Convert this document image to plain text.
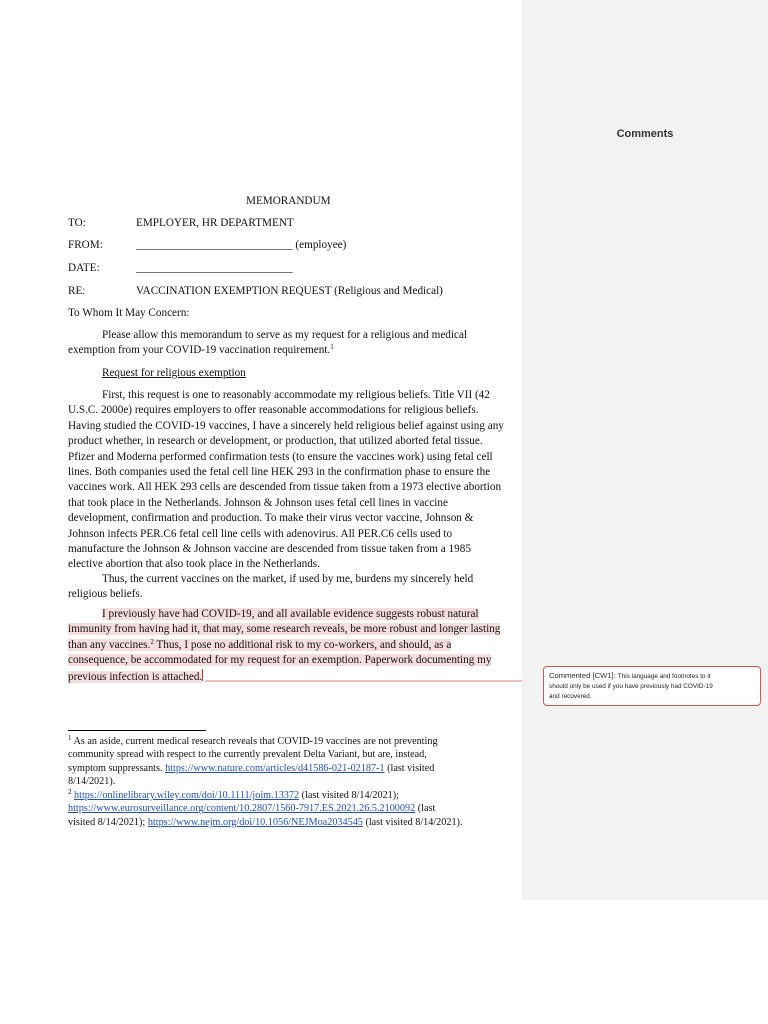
MEMORANDUM
TO:	EMPLOYER, HR DEPARTMENT
FROM:	____________________________ (employee)
DATE:	____________________________
RE:	VACCINATION EXEMPTION REQUEST (Religious and Medical)
To Whom It May Concern:
Please allow this memorandum to serve as my request for a religious and medical
exemption from your COVID-19 vaccination requirement.$^1$
Request for religious exemption
First, this request is one to reasonably accommodate my religious beliefs. Title VII (42
U.S.C. 2000e) requires employers to offer reasonable accommodations for religious beliefs.
Having studied the COVID-19 vaccines, I have a sincerely held religious belief against using any
product whether, in research or development, or production, that utilized aborted fetal tissue.
Pfizer and Moderna performed confirmation tests (to ensure the vaccines work) using fetal cell
lines. Both companies used the fetal cell line HEK 293 in the confirmation phase to ensure the
vaccines work. All HEK 293 cells are descended from tissue taken from a 1973 elective abortion
that took place in the Netherlands. Johnson & Johnson uses fetal cell lines in vaccine
development, confirmation and production. To make their virus vector vaccine, Johnson &
Johnson infects PER.C6 fetal cell line cells with adenovirus. All PER.C6 cells used to
manufacture the Johnson & Johnson vaccine are descended from tissue taken from a 1985
elective abortion that also took place in the Netherlands.
Thus, the current vaccines on the market, if used by me, burdens my sincerely held
religious beliefs.
I previously have had COVID-19, and all available evidence suggests robust natural
immunity from having had it, that may, some research reveals, be more robust and longer lasting
than any vaccines.$^2$ Thus, I pose no additional risk to my co-workers, and should, as a
consequence, be accommodated for my request for an exemption. Paperwork documenting my
previous infection is attached.
$^1$ As an aside, current medical research reveals that COVID-19 vaccines are not preventing
community spread with respect to the currently prevalent Delta Variant, but are, instead,
symptom suppressants. https://www.nature.com/articles/d41586-021-02187-1 (last visited
8/14/2021).
$^2$ https://onlinelibrary.wiley.com/doi/10.1111/joim.13372 (last visited 8/14/2021);
https://www.eurosurveillance.org/content/10.2807/1560-7917.ES.2021.26.5.2100092 (last
visited 8/14/2021); https://www.nejm.org/doi/10.1056/NEJMoa2034545 (last visited 8/14/2021).
Comments
Commented [CW1]: This language and footnotes to it
should only be used if you have previously had COVID-19
and recovered.
